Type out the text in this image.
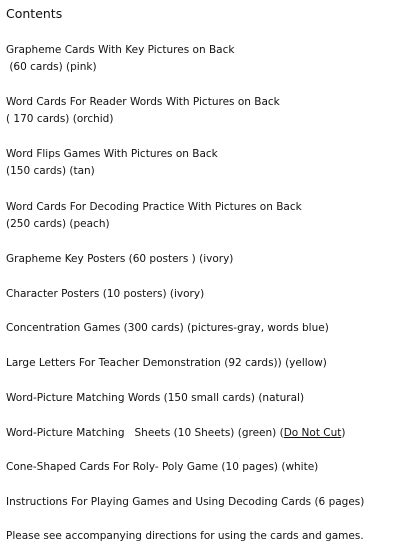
Contents
Grapheme Cards With Key Pictures on Back
(60 cards) (pink)
Word Cards For Reader Words With Pictures on Back
( 170 cards) (orchid)
Word Flips Games With Pictures on Back
(150 cards) (tan)
Word Cards For Decoding Practice With Pictures on Back
(250 cards) (peach)
Grapheme Key Posters (60 posters ) (ivory)
Character Posters (10 posters) (ivory)
Concentration Games (300 cards) (pictures-gray, words blue)
Large Letters For Teacher Demonstration (92 cards)) (yellow)
Word-Picture Matching Words (150 small cards) (natural)
Word-Picture Matching   Sheets (10 Sheets) (green) (Do Not Cut)
Cone-Shaped Cards For Roly- Poly Game (10 pages) (white)
Instructions For Playing Games and Using Decoding Cards (6 pages)
Please see accompanying directions for using the cards and games.
